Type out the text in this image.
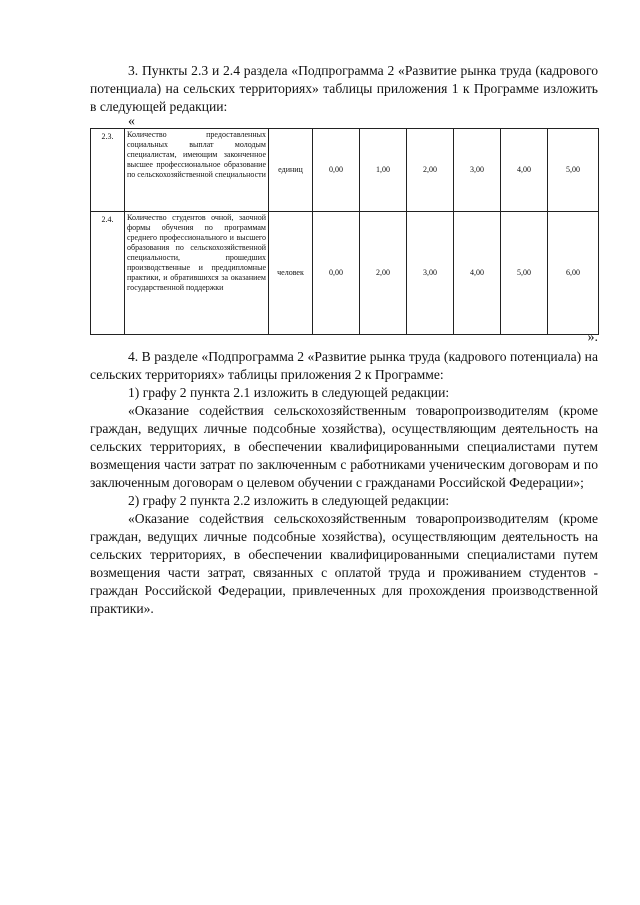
3. Пункты 2.3 и 2.4 раздела «Подпрограмма 2 «Развитие рынка труда (кадрового потенциала) на сельских территориях» таблицы приложения 1 к Программе изложить в следующей редакции:

«
2.3.	Количество предоставленных социальных выплат молодым специалистам, имеющим законченное высшее профессиональное образование по сельскохозяйственной специальности	единиц	0,00	1,00	2,00	3,00	4,00	5,00
2.4.	Количество студентов очной, заочной формы обучения по программам среднего профессионального и высшего образования по сельскохозяйственной специальности, прошедших производственные и преддипломные практики, и обратившихся за оказанием государственной поддержки	человек	0,00	2,00	3,00	4,00	5,00	6,00
».

4. В разделе «Подпрограмма 2 «Развитие рынка труда (кадрового потенциала) на сельских территориях» таблицы приложения 2 к Программе:

1) графу 2 пункта 2.1 изложить в следующей редакции:

«Оказание содействия сельскохозяйственным товаропроизводителям (кроме граждан, ведущих личные подсобные хозяйства), осуществляющим деятельность на сельских территориях, в обеспечении квалифицированными специалистами путем возмещения части затрат по заключенным с работниками ученическим договорам и по заключенным договорам о целевом обучении с гражданами Российской Федерации»;

2) графу 2 пункта 2.2 изложить в следующей редакции:

«Оказание содействия сельскохозяйственным товаропроизводителям (кроме граждан, ведущих личные подсобные хозяйства), осуществляющим деятельность на сельских территориях, в обеспечении квалифицированными специалистами путем возмещения части затрат, связанных с оплатой труда и проживанием студентов - граждан Российской Федерации, привлеченных для прохождения производственной практики».
